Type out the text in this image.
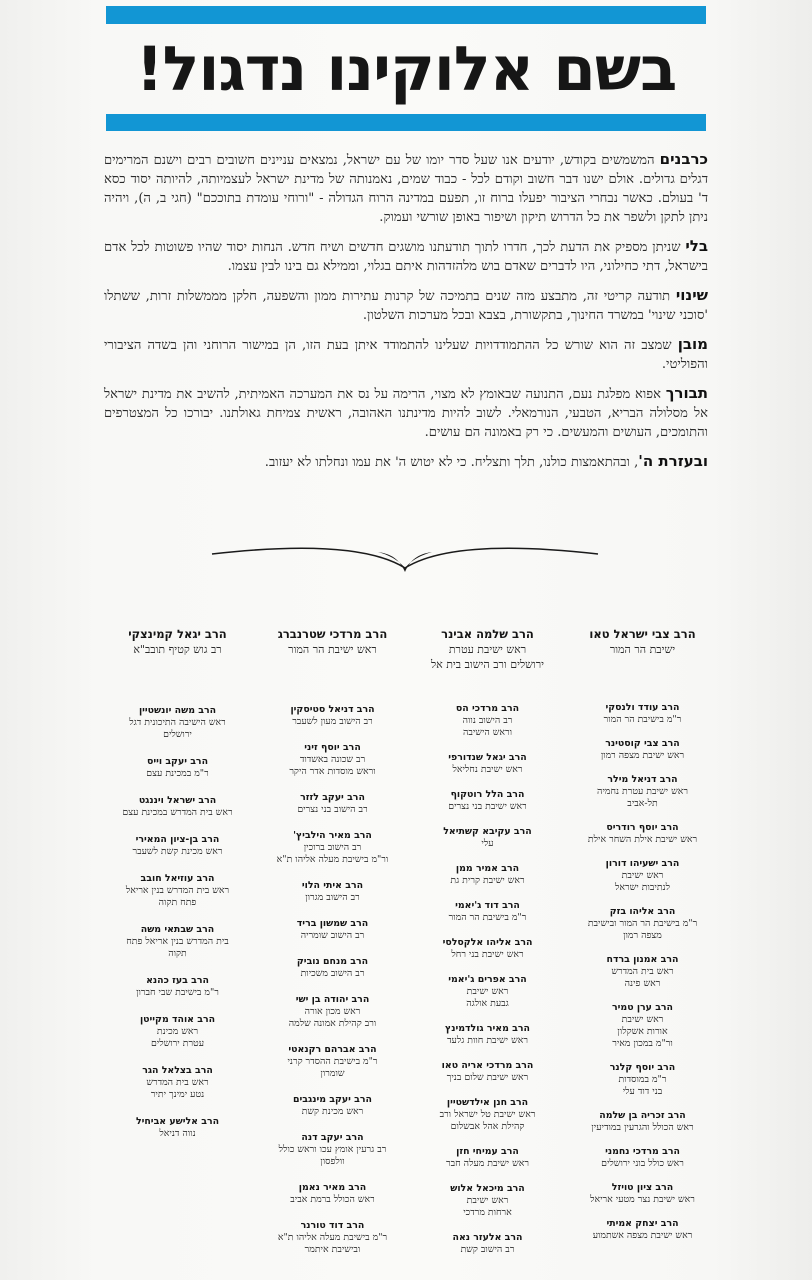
בשם אלוקינו נדגול!

כרבנים המשמשים בקודש, יודעים אנו שעל סדר יומו של עם ישראל, נמצאים עניינים חשובים רבים וישנם המרימים דגלים גדולים. אולם ישנו דבר חשוב וקודם לכל - כבוד שמים, נאמנותה של מדינת ישראל לעצמיותה, להיותה יסוד כסא ד' בעולם. כאשר נבחרי הציבור יפעלו ברוח זו, תפעם במדינה הרוח הגדולה - "ורוחי עומדת בתוככם" (חגי ב, ה), ויהיה ניתן לתקן ולשפר את כל הדרוש תיקון ושיפור באופן שורשי ועמוק.

בלי שניתן מספיק את הדעת לכך, חדרו לתוך תודעתנו מושגים חדשים ושיח חדש. הנחות יסוד שהיו פשוטות לכל אדם בישראל, דתי כחילוני, היו לדברים שאדם בוש מלהזדהות איתם בגלוי, וממילא גם בינו לבין עצמו.

שינוי תודעה קריטי זה, מתבצע מזה שנים בתמיכה של קרנות עתירות ממון והשפעה, חלקן מממשלות זרות, ששתלו 'סוכני שינוי' במשרד החינוך, בתקשורת, בצבא ובכל מערכות השלטון.

מובן שמצב זה הוא שורש כל ההתמודדויות שעלינו להתמודד איתן בעת הזו, הן במישור הרוחני והן בשדה הציבורי והפוליטי.

תבורך אפוא מפלגת נעם, התנועה שבאומץ לא מצוי, הרימה על נס את המערכה האמיתית, להשיב את מדינת ישראל אל מסלולה הבריא, הטבעי, הנורמאלי. לשוב להיות מדינתנו האהובה, ראשית צמיחת גאולתנו. יבורכו כל המצטרפים והתומכים, העושים והמעשים. כי רק באמונה הם עושים.

ובעזרת ה', ובהתאמצות כולנו, תלך ותצליח. כי לא יטוש ה' את עמו ונחלתו לא יעזוב.

הרב צבי ישראל טאו
ישיבת הר המור
הרב עודד ולנסקי
ר"מ בישיבת הר המור
הרב צבי קוסטינר
ראש ישיבת מצפה רמון
הרב דניאל מילר
ראש ישיבת עטרת נחמיה
תל-אביב
הרב יוסף רודריס
ראש ישיבת אילת השחר אילת
הרב ישעיהו דורון
ראש ישיבת
לנתיבות ישראל
הרב אליהו בזק
ר"מ בישיבת הר המור ובישיבת
מצפה רמון
הרב אמנון ברדח
ראש בית המדרש
ראש פינה
הרב ערן טמיר
ראש ישיבת
אורות אשקלון
ור"מ במכון מאיר
הרב יוסף קלנר
ר"מ במוסדות
בני דוד עלי
הרב זכריה בן שלמה
ראש הכולל והגרעין במודיעין
הרב מרדכי נחמני
ראש כולל בוני ירושלים
הרב ציון טויזל
ראש ישיבת נצר מטעי אריאל
הרב יצחק אמיתי
ראש ישיבת מצפה אשתמוע
הרב שלמה אבינר
ראש ישיבת עטרת
ירושלים ורב הישוב בית אל
הרב מרדכי הס
רב הישוב נווה
וראש הישיבה
הרב יגאל שנדורפי
ראש ישיבת נחליאל
הרב הלל רוטקוף
ראש ישיבת בני נצרים
הרב עקיבא קשתיאל
עלי
הרב אמיר ממן
ראש ישיבת קרית גת
הרב דוד ג'יאמי
ר"מ בישיבת הר המור
הרב אליהו אלקסלסי
ראש ישיבת בני רחל
הרב אפרים ג'יאמי
ראש ישיבת
גבעת אולגה
הרב מאיר גולדמינץ
ראש ישיבת חוות גלעד
הרב מרדכי אריה טאו
ראש ישיבת שלום בניך
הרב חנן אילדשטיין
ראש ישיבת טל ישראל ורב
קהילת אהל אבשלום
הרב עמיחי חזן
ראש ישיבת מעלה חבר
הרב מיכאל אלוש
ראש ישיבת
ארחות מרדכי
הרב אלעזר נאה
רב הישוב קשת
הרב מרדכי שטרנברג
ראש ישיבת הר המור
הרב דניאל סטיסקין
רב הישוב מעון לשעבר
הרב יוסף זיני
רב שכונה באשדוד
וראש מוסדות אדר היקר
הרב יעקב לזזר
רב הישוב בני נצרים
הרב מאיר הילביץ'
רב הישוב ברוכין
ור"מ בישיבת מעלה אליהו ת"א
הרב איתי הלוי
רב הישוב מגרון
הרב שמשון בריד
רב הישוב שומריה
הרב מנחם נוביק
רב הישוב משכיות
הרב יהודה בן ישי
ראש מכון אורה
ורב קהילת אמונה שלמה
הרב אברהם רקנאטי
ר"מ בישיבת ההסדר קרני
שומרון
הרב יעקב מינגבים
ראש מכינת קשת
הרב יעקב דנה
רב גרעין אומץ עכו וראש כולל
וולפסון
הרב מאיר נאמן
ראש הכולל ברמת אביב
הרב דוד טורנר
ר"מ בישיבת מעלה אליהו ת"א
ובישיבת איתמר
הרב יגאל קמינצקי
רב גוש קטיף תובב"א
הרב משה יונשטיין
ראש הישיבה התיכונית דגל
ירושלים
הרב יעקב וייס
ר"מ במכינת עצם
הרב ישראל ויננגט
ראש בית המדרש במכינת עצם
הרב בן-ציון המאירי
ראש מכינת קשת לשעבר
הרב עוזיאל חובב
ראש בית המדרש בנין אריאל
פתח תקוה
הרב שבתאי משה
בית המדרש בנין אריאל פתח
תקוה
הרב בעז כהנא
ר"מ בישיבת שבי חברון
הרב אוהד מקייטן
ראש מכינת
עטרת ירושלים
הרב בצלאל הגר
ראש בית המדרש
נטע ימינך יתיר
הרב אלישע אביחיל
נווה דניאל
